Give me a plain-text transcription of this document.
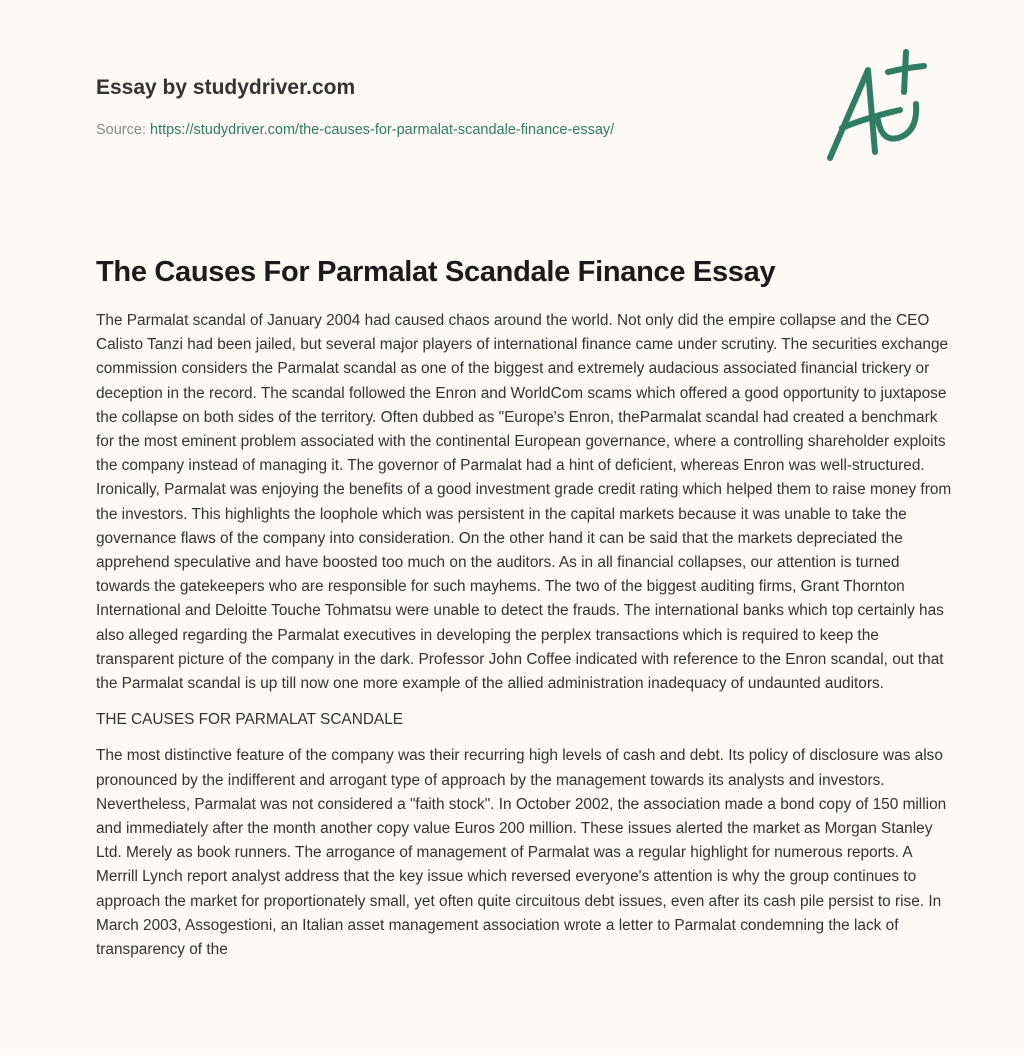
Essay by studydriver.com
Source: https://studydriver.com/the-causes-for-parmalat-scandale-finance-essay/
The Causes For Parmalat Scandale Finance Essay

The Parmalat scandal of January 2004 had caused chaos around the world. Not only did the empire collapse and the CEO Calisto Tanzi had been jailed, but several major players of international finance came under scrutiny. The securities exchange commission considers the Parmalat scandal as one of the biggest and extremely audacious associated financial trickery or deception in the record. The scandal followed the Enron and WorldCom scams which offered a good opportunity to juxtapose the collapse on both sides of the territory. Often dubbed as "Europe's Enron, theParmalat scandal had created a benchmark for the most eminent problem associated with the continental European governance, where a controlling shareholder exploits the company instead of managing it. The governor of Parmalat had a hint of deficient, whereas Enron was well-structured. Ironically, Parmalat was enjoying the benefits of a good investment grade credit rating which helped them to raise money from the investors. This highlights the loophole which was persistent in the capital markets because it was unable to take the governance flaws of the company into consideration. On the other hand it can be said that the markets depreciated the apprehend speculative and have boosted too much on the auditors. As in all financial collapses, our attention is turned towards the gatekeepers who are responsible for such mayhems. The two of the biggest auditing firms, Grant Thornton International and Deloitte Touche Tohmatsu were unable to detect the frauds. The international banks which top certainly has also alleged regarding the Parmalat executives in developing the perplex transactions which is required to keep the transparent picture of the company in the dark. Professor John Coffee indicated with reference to the Enron scandal, out that the Parmalat scandal is up till now one more example of the allied administration inadequacy of undaunted auditors.

THE CAUSES FOR PARMALAT SCANDALE

The most distinctive feature of the company was their recurring high levels of cash and debt. Its policy of disclosure was also pronounced by the indifferent and arrogant type of approach by the management towards its analysts and investors. Nevertheless, Parmalat was not considered a "faith stock". In October 2002, the association made a bond copy of 150 million and immediately after the month another copy value Euros 200 million. These issues alerted the market as Morgan Stanley Ltd. Merely as book runners. The arrogance of management of Parmalat was a regular highlight for numerous reports. A Merrill Lynch report analyst address that the key issue which reversed everyone's attention is why the group continues to approach the market for proportionately small, yet often quite circuitous debt issues, even after its cash pile persist to rise. In March 2003, Assogestioni, an Italian asset management association wrote a letter to Parmalat condemning the lack of transparency of the
